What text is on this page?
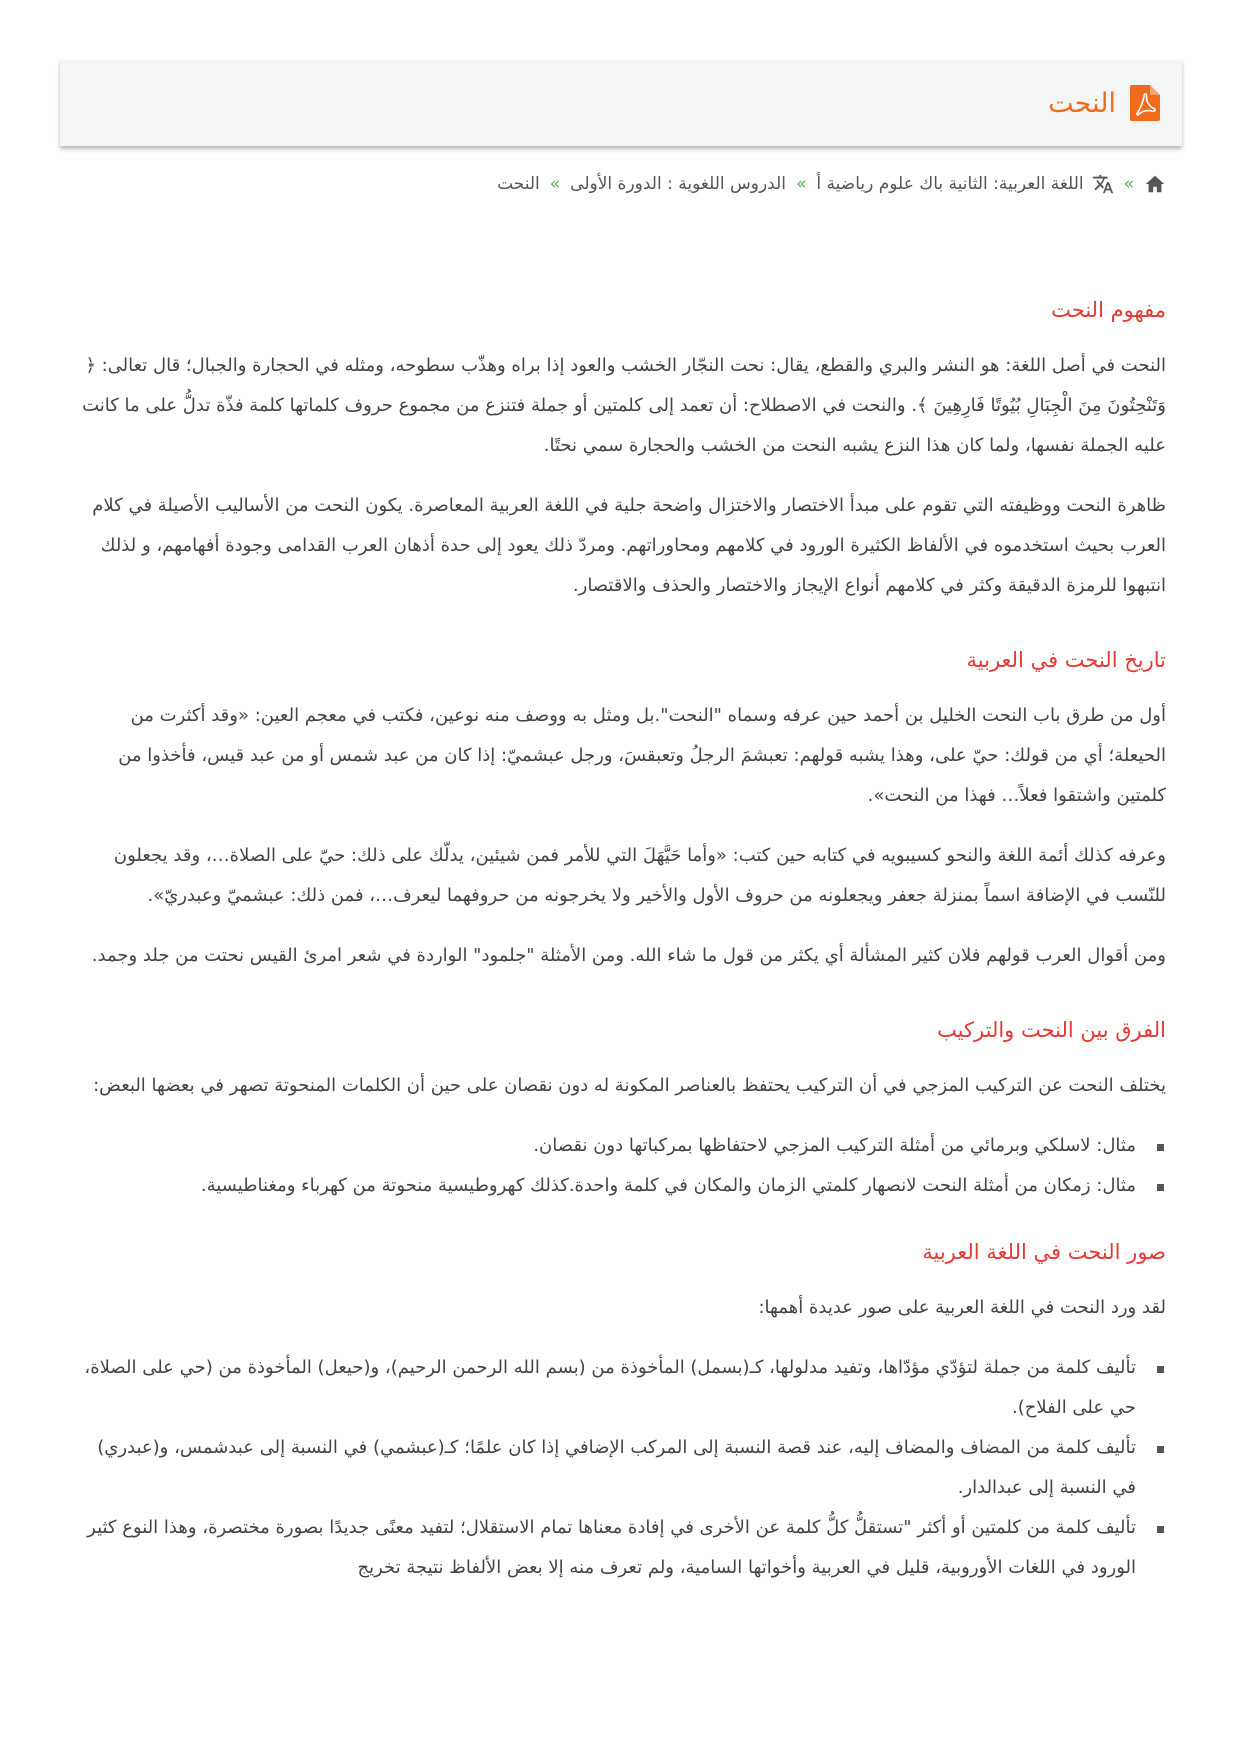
النحت
»
اللغة العربية: الثانية باك علوم رياضية أ
»
الدروس اللغوية : الدورة الأولى
»
النحت
مفهوم النحت

النحت في أصل اللغة: هو النشر والبري والقطع، يقال: نحت النجّار الخشب والعود إذا براه وهذّب سطوحه، ومثله في الحجارة والجبال؛ قال تعالى: ﴿ وَتَنْحِتُونَ مِنَ الْجِبَالِ بُيُوتًا فَارِهِينَ ﴾. والنحت في الاصطلاح: أن تعمد إلى كلمتين أو جملة فتنزع من مجموع حروف كلماتها كلمة فذّة تدلُّ على ما كانت عليه الجملة نفسها، ولما كان هذا النزع يشبه النحت من الخشب والحجارة سمي نحتًا.

ظاهرة النحت ووظيفته التي تقوم على مبدأ الاختصار والاختزال واضحة جلية في اللغة العربية المعاصرة. يكون النحت من الأساليب الأصيلة في كلام العرب بحيث استخدموه في الألفاظ الكثيرة الورود في كلامهم ومحاوراتهم. ومردّ ذلك يعود إلى حدة أذهان العرب القدامى وجودة أفهامهم، و لذلك انتبهوا للرمزة الدقيقة وكثر في كلامهم أنواع الإيجاز والاختصار والحذف والاقتصار.

تاريخ النحت في العربية

أول من طرق باب النحت الخليل بن أحمد حين عرفه وسماه "النحت".بل ومثل به ووصف منه نوعين، فكتب في معجم العين: «وقد أكثرت من الحيعلة؛ أي من قولك: حيّ على، وهذا يشبه قولهم: تعبشمَ الرجلُ وتعبقسَ، ورجل عبشميّ: إذا كان من عبد شمس أو من عبد قيس، فأخذوا من كلمتين واشتقوا فعلاً… فهذا من النحت».

وعرفه كذلك أئمة اللغة والنحو كسيبويه في كتابه حين كتب: «وأما حَيَّهَلَ التي للأمر فمن شيئين، يدلّك على ذلك: حيّ على الصلاة…، وقد يجعلون للنّسب في الإضافة اسماً بمنزلة جعفر ويجعلونه من حروف الأول والأخير ولا يخرجونه من حروفهما ليعرف…، فمن ذلك: عبشميّ وعبدريّ».

ومن أقوال العرب قولهم فلان كثير المشألة أي يكثر من قول ما شاء الله. ومن الأمثلة "جلمود" الواردة في شعر امرئ القيس نحتت من جلد وجمد.

الفرق بين النحت والتركيب

يختلف النحت عن التركيب المزجي في أن التركيب يحتفظ بالعناصر المكونة له دون نقصان على حين أن الكلمات المنحوتة تصهر في بعضها البعض:

مثال: لاسلكي وبرمائي من أمثلة التركيب المزجي لاحتفاظها بمركباتها دون نقصان.
مثال: زمكان من أمثلة النحت لانصهار كلمتي الزمان والمكان في كلمة واحدة.كذلك كهروطيسية منحوتة من كهرباء ومغناطيسية.
صور النحت في اللغة العربية

لقد ورد النحت في اللغة العربية على صور عديدة أهمها:

تأليف كلمة من جملة لتؤدّي مؤدّاها، وتفيد مدلولها، كـ(بسمل) المأخوذة من (بسم الله الرحمن الرحيم)، و(حيعل) المأخوذة من (حي على الصلاة، حي على الفلاح).
تأليف كلمة من المضاف والمضاف إليه، عند قصة النسبة إلى المركب الإضافي إذا كان علمًا؛ كـ(عبشمي) في النسبة إلى عبدشمس، و(عبدري) في النسبة إلى عبدالدار.
تأليف كلمة من كلمتين أو أكثر "تستقلُّ كلُّ كلمة عن الأخرى في إفادة معناها تمام الاستقلال؛ لتفيد معنًى جديدًا بصورة مختصرة، وهذا النوع كثير الورود في اللغات الأوروبية، قليل في العربية وأخواتها السامية، ولم تعرف منه إلا بعض الألفاظ نتيجة تخريج
